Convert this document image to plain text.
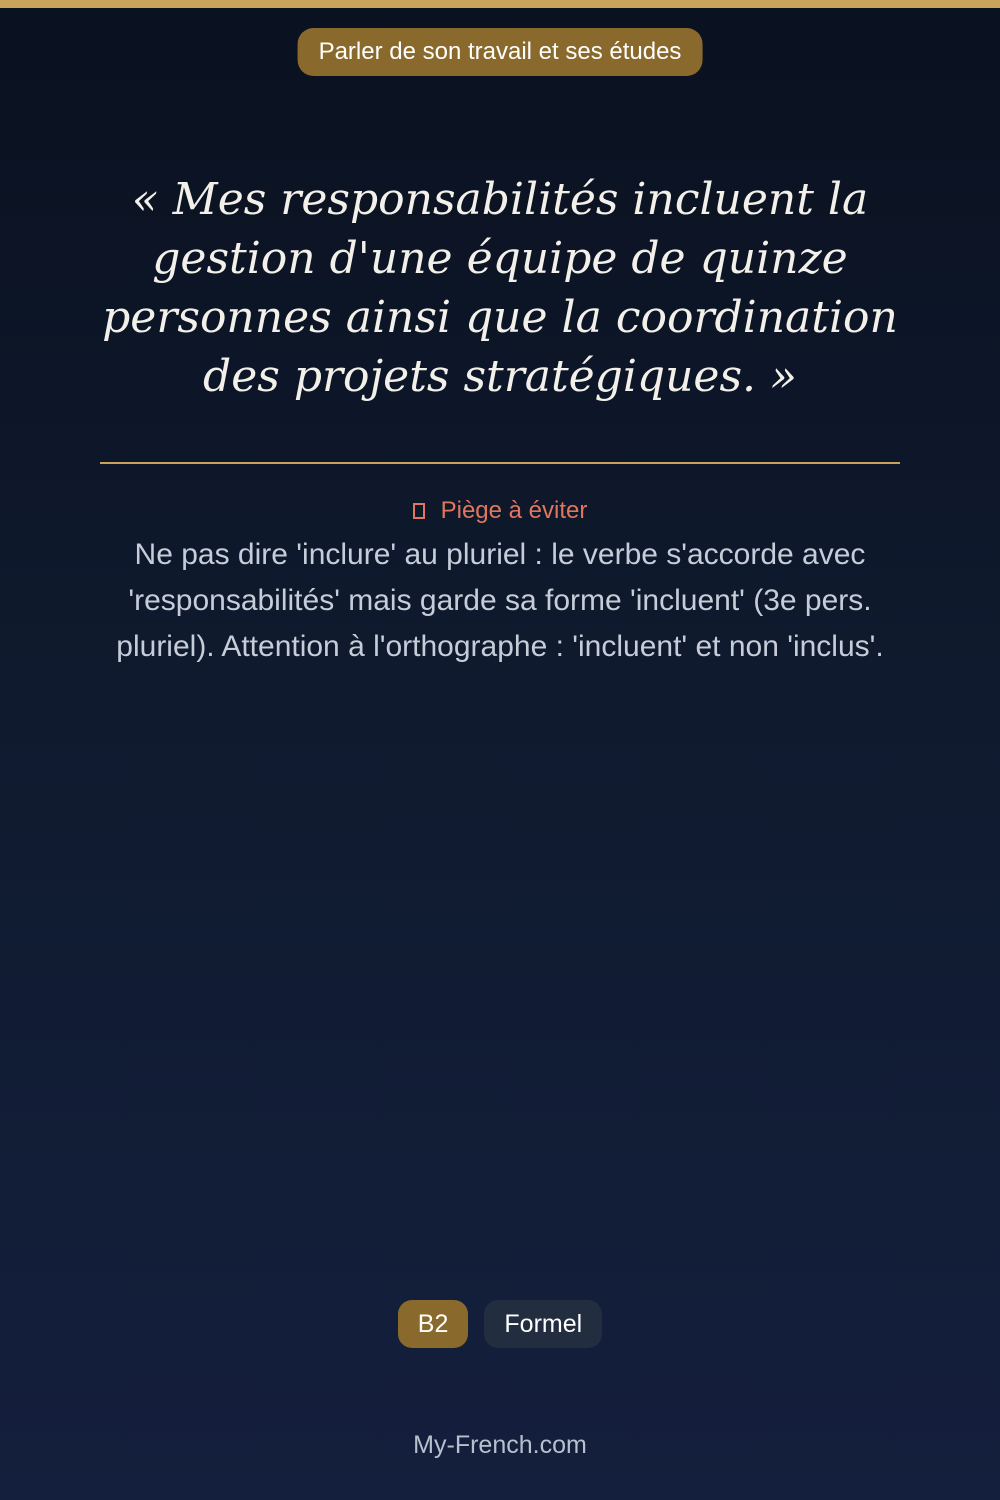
Parler de son travail et ses études

« Mes responsabilités incluent la gestion d'une équipe de quinze personnes ainsi que la coordination des projets stratégiques. »

Piège à éviter

Ne pas dire 'inclure' au pluriel : le verbe s'accorde avec 'responsabilités' mais garde sa forme 'incluent' (3e pers. pluriel). Attention à l'orthographe : 'incluent' et non 'inclus'.

B2	Formel
My-French.com
